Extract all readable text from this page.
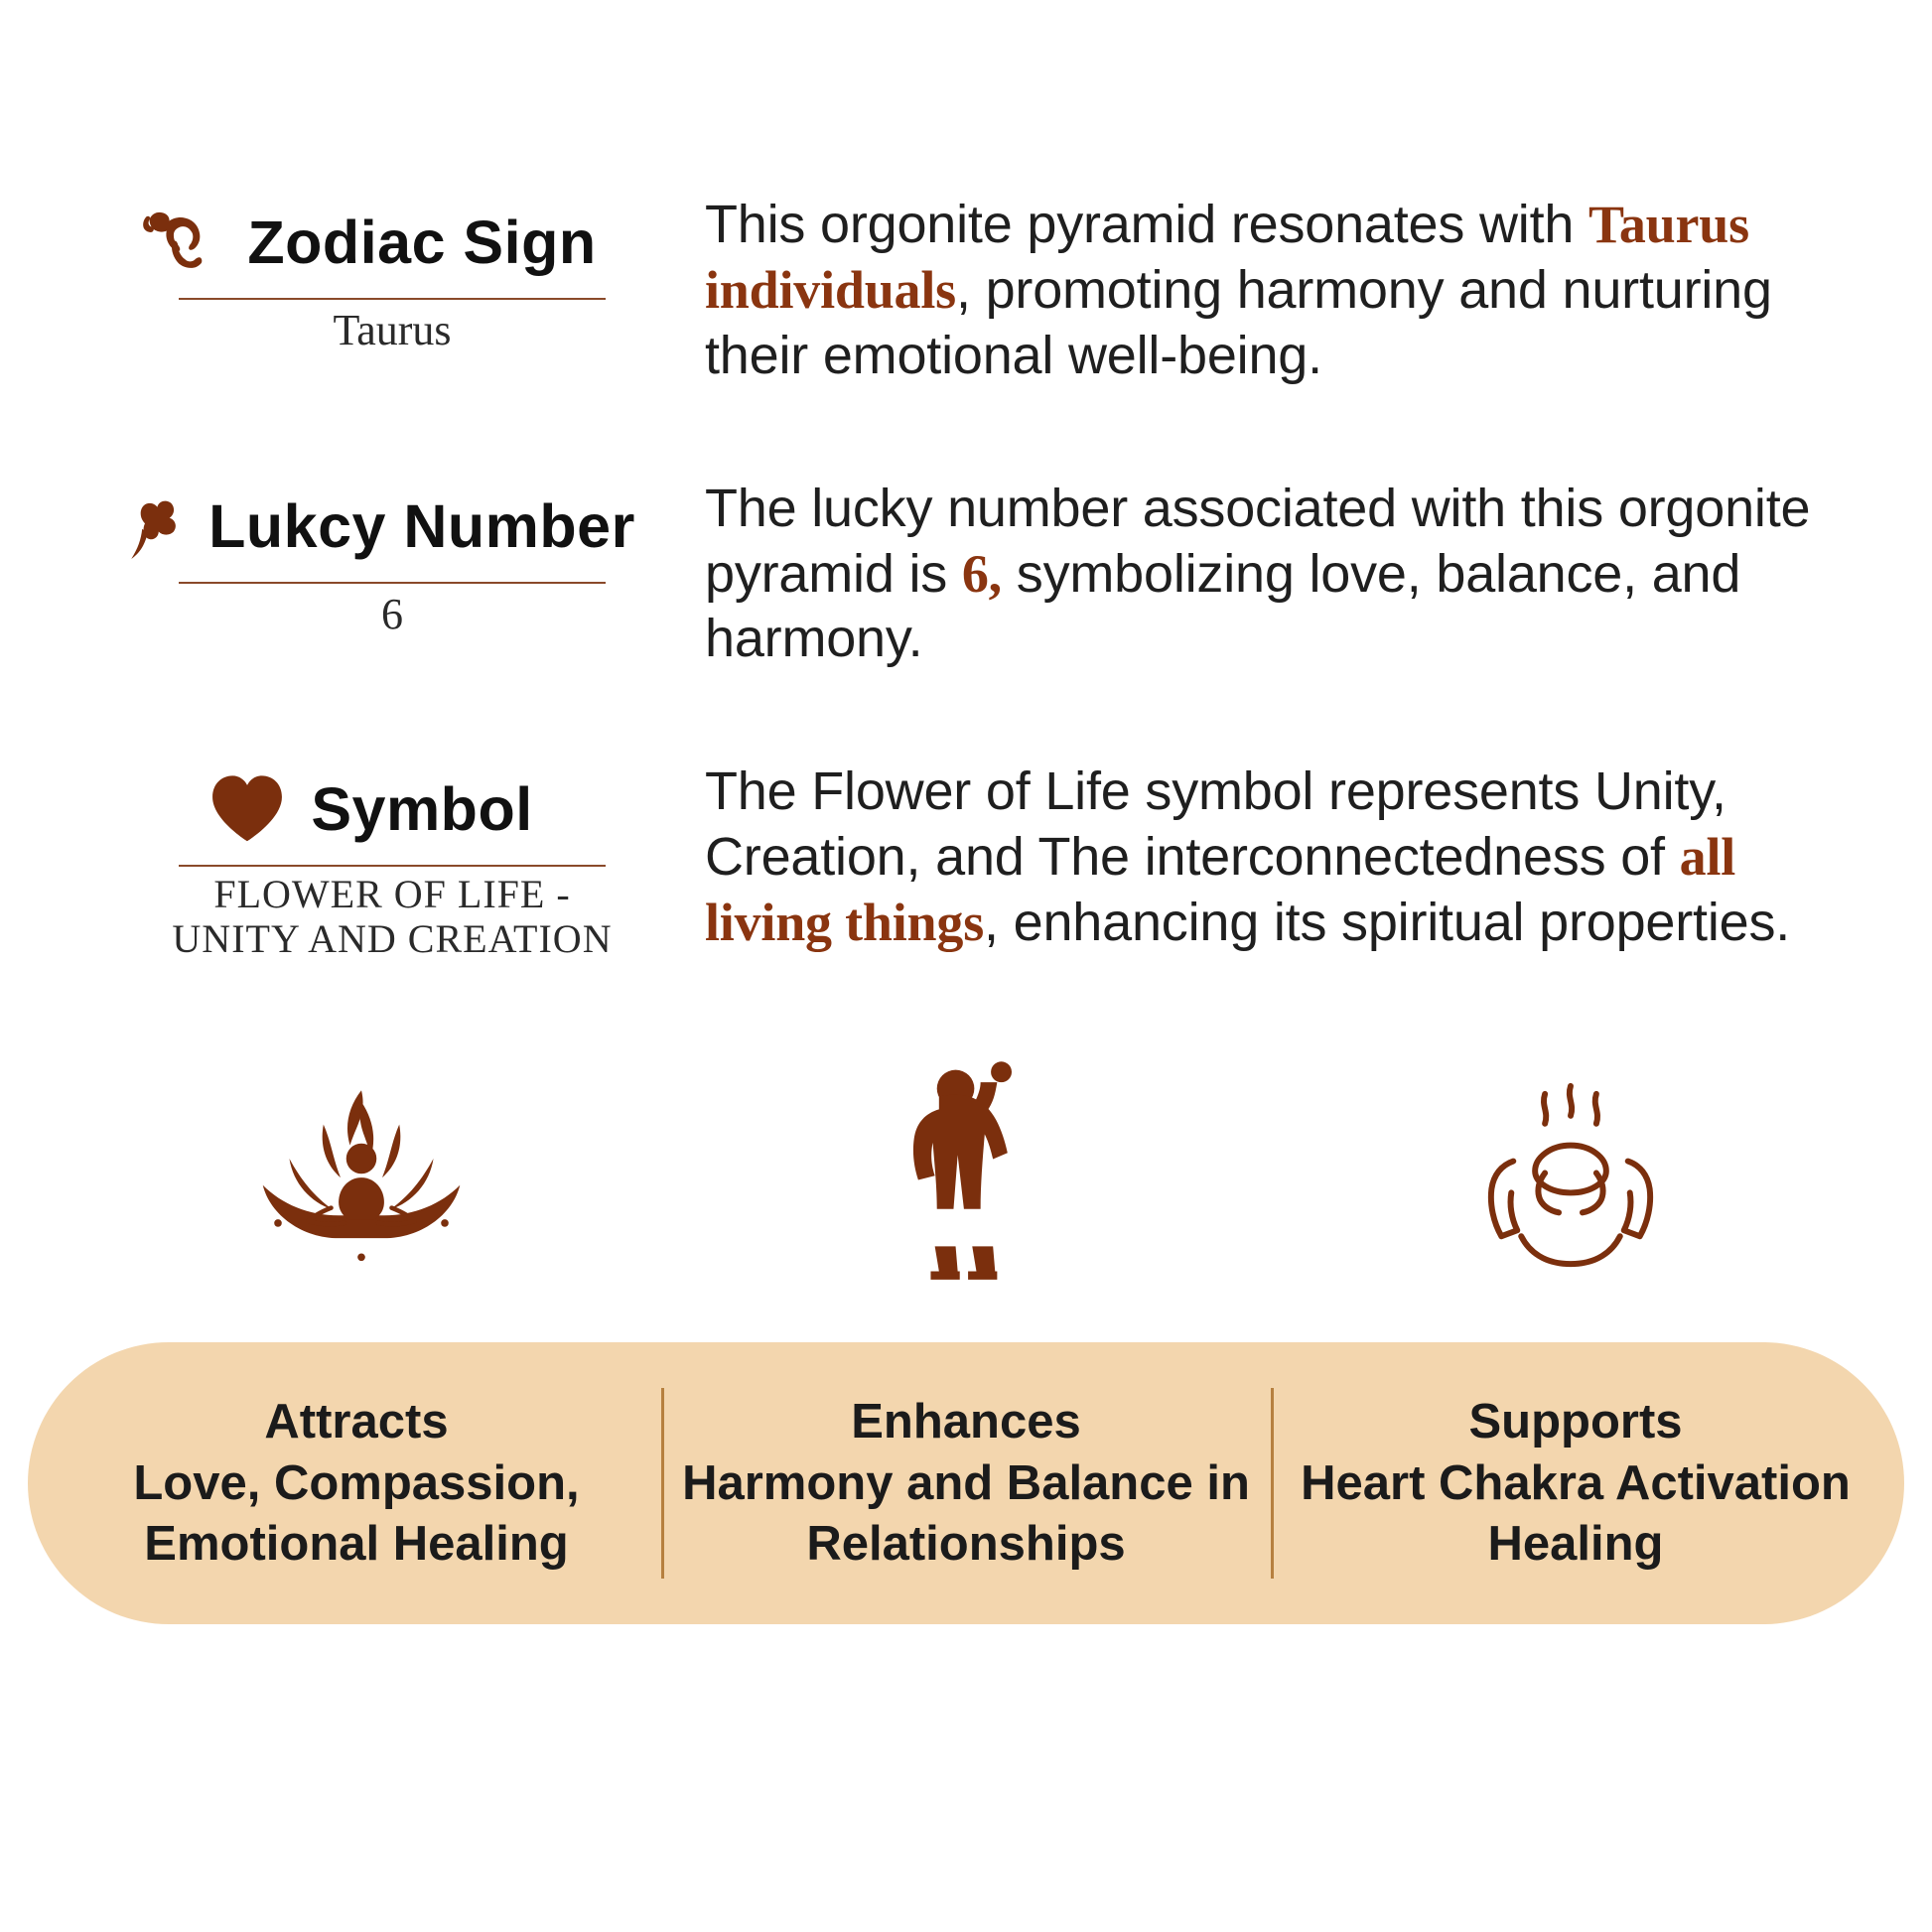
Zodiac Sign
Taurus
This orgonite pyramid resonates with Taurus individuals, promoting harmony and nurturing their emotional well-being.
Lukcy Number
6
The lucky number associated with this orgonite pyramid is 6, symbolizing love, balance, and harmony.
Symbol
FLOWER OF LIFE - UNITY AND CREATION
The Flower of Life symbol represents Unity, Creation, and The interconnectedness of all living things, enhancing its spiritual properties.
Attracts
Love, Compassion, Emotional Healing
Enhances
Harmony and Balance in Relationships
Supports
Heart Chakra Activation Healing
